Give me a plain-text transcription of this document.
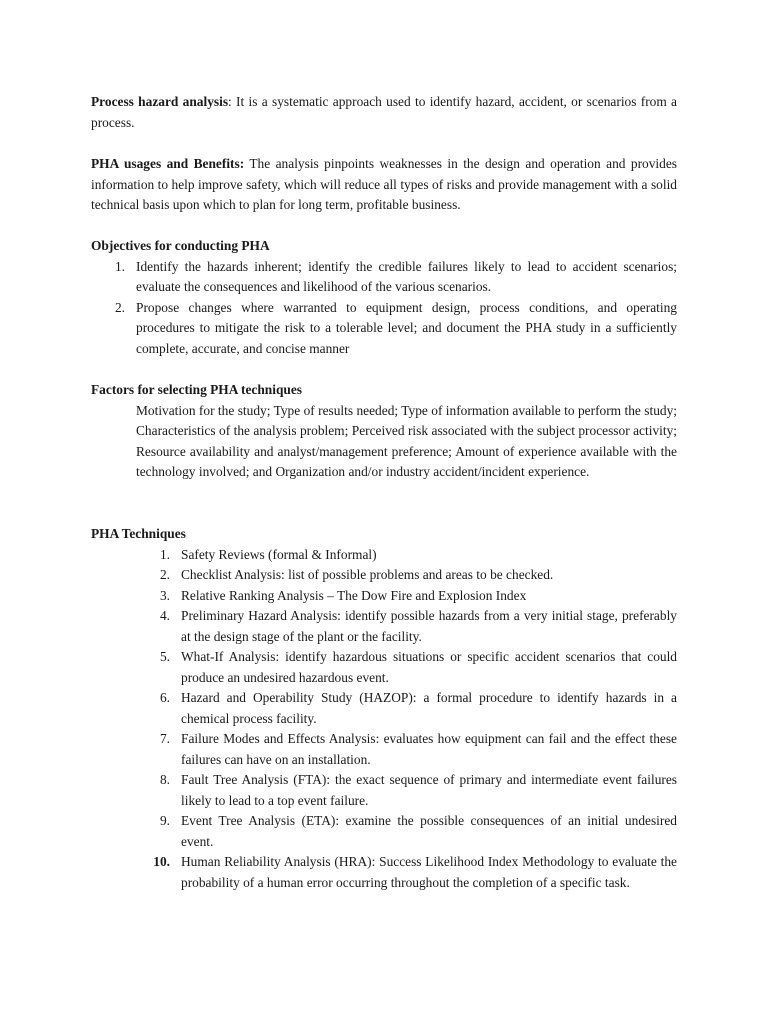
Process hazard analysis: It is a systematic approach used to identify hazard, accident, or scenarios from a process.

PHA usages and Benefits: The analysis pinpoints weaknesses in the design and operation and provides information to help improve safety, which will reduce all types of risks and provide management with a solid technical basis upon which to plan for long term, profitable business.

Objectives for conducting PHA
1. Identify the hazards inherent; identify the credible failures likely to lead to accident scenarios; evaluate the consequences and likelihood of the various scenarios.
2. Propose changes where warranted to equipment design, process conditions, and operating procedures to mitigate the risk to a tolerable level; and document the PHA study in a sufficiently complete, accurate, and concise manner
Factors for selecting PHA techniques

Motivation for the study; Type of results needed; Type of information available to perform the study; Characteristics of the analysis problem; Perceived risk associated with the subject processor activity; Resource availability and analyst/management preference; Amount of experience available with the technology involved; and Organization and/or industry accident/incident experience.

PHA Techniques
1. Safety Reviews (formal & Informal)
2. Checklist Analysis: list of possible problems and areas to be checked.
3. Relative Ranking Analysis – The Dow Fire and Explosion Index
4. Preliminary Hazard Analysis: identify possible hazards from a very initial stage, preferably at the design stage of the plant or the facility.
5. What-If Analysis: identify hazardous situations or specific accident scenarios that could produce an undesired hazardous event.
6. Hazard and Operability Study (HAZOP): a formal procedure to identify hazards in a chemical process facility.
7. Failure Modes and Effects Analysis: evaluates how equipment can fail and the effect these failures can have on an installation.
8. Fault Tree Analysis (FTA): the exact sequence of primary and intermediate event failures likely to lead to a top event failure.
9. Event Tree Analysis (ETA): examine the possible consequences of an initial undesired event.
10. Human Reliability Analysis (HRA): Success Likelihood Index Methodology to evaluate the probability of a human error occurring throughout the completion of a specific task.
